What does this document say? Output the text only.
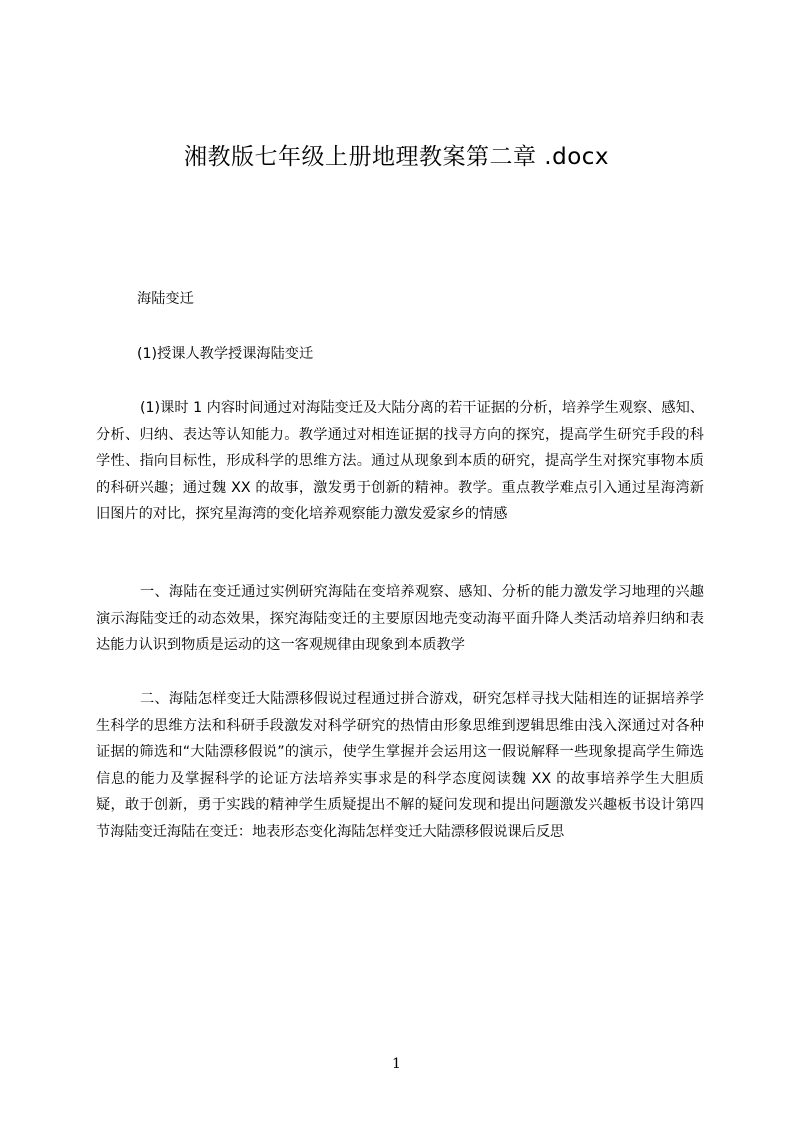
湘教版七年级上册地理教案第二章 .docx
海陆变迁
(1)授课人教学授课海陆变迁

(1)课时 1 内容时间通过对海陆变迁及大陆分离的若干证据的分析，培养学生观察、感知、分析、归纳、表达等认知能力。教学通过对相连证据的找寻方向的探究，提高学生研究手段的科学性、指向目标性，形成科学的思维方法。通过从现象到本质的研究，提高学生对探究事物本质的科研兴趣；通过魏 XX 的故事，激发勇于创新的精神。教学。重点教学难点引入通过星海湾新旧图片的对比，探究星海湾的变化培养观察能力激发爱家乡的情感

一、海陆在变迁通过实例研究海陆在变培养观察、感知、分析的能力激发学习地理的兴趣演示海陆变迁的动态效果，探究海陆变迁的主要原因地壳变动海平面升降人类活动培养归纳和表达能力认识到物质是运动的这一客观规律由现象到本质教学

二、海陆怎样变迁大陆漂移假说过程通过拼合游戏，研究怎样寻找大陆相连的证据培养学生科学的思维方法和科研手段激发对科学研究的热情由形象思维到逻辑思维由浅入深通过对各种证据的筛选和“大陆漂移假说”的演示，使学生掌握并会运用这一假说解释一些现象提高学生筛选信息的能力及掌握科学的论证方法培养实事求是的科学态度阅读魏 XX 的故事培养学生大胆质疑，敢于创新，勇于实践的精神学生质疑提出不解的疑问发现和提出问题激发兴趣板书设计第四节海陆变迁海陆在变迁：地表形态变化海陆怎样变迁大陆漂移假说课后反思

1
